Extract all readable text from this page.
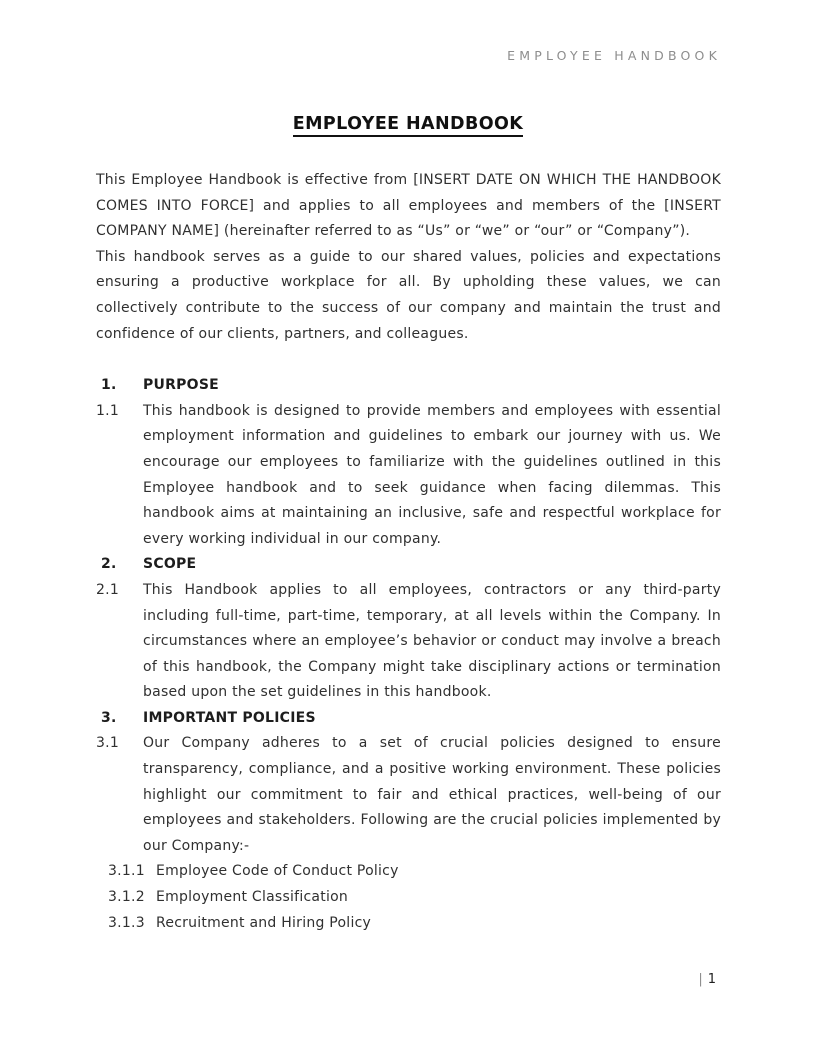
EMPLOYEE HANDBOOK
EMPLOYEE HANDBOOK

This Employee Handbook is effective from [INSERT DATE ON WHICH THE HANDBOOK COMES INTO FORCE] and applies to all employees and members of the [INSERT COMPANY NAME] (hereinafter referred to as “Us” or “we” or “our” or “Company”).

This handbook serves as a guide to our shared values, policies and expectations ensuring a productive workplace for all. By upholding these values, we can collectively contribute to the success of our company and maintain the trust and confidence of our clients, partners, and colleagues.

1. PURPOSE
1.1 This handbook is designed to provide members and employees with essential employment information and guidelines to embark our journey with us. We encourage our employees to familiarize with the guidelines outlined in this Employee handbook and to seek guidance when facing dilemmas. This handbook aims at maintaining an inclusive, safe and respectful workplace for every working individual in our company.

2. SCOPE
2.1 This Handbook applies to all employees, contractors or any third-party including full-time, part-time, temporary, at all levels within the Company. In circumstances where an employee’s behavior or conduct may involve a breach of this handbook, the Company might take disciplinary actions or termination based upon the set guidelines in this handbook.

3. IMPORTANT POLICIES
3.1 Our Company adheres to a set of crucial policies designed to ensure transparency, compliance, and a positive working environment. These policies highlight our commitment to fair and ethical practices, well-being of our employees and stakeholders. Following are the crucial policies implemented by our Company:-

3.1.1 Employee Code of Conduct Policy
3.1.2 Employment Classification
3.1.3 Recruitment and Hiring Policy
| 1
